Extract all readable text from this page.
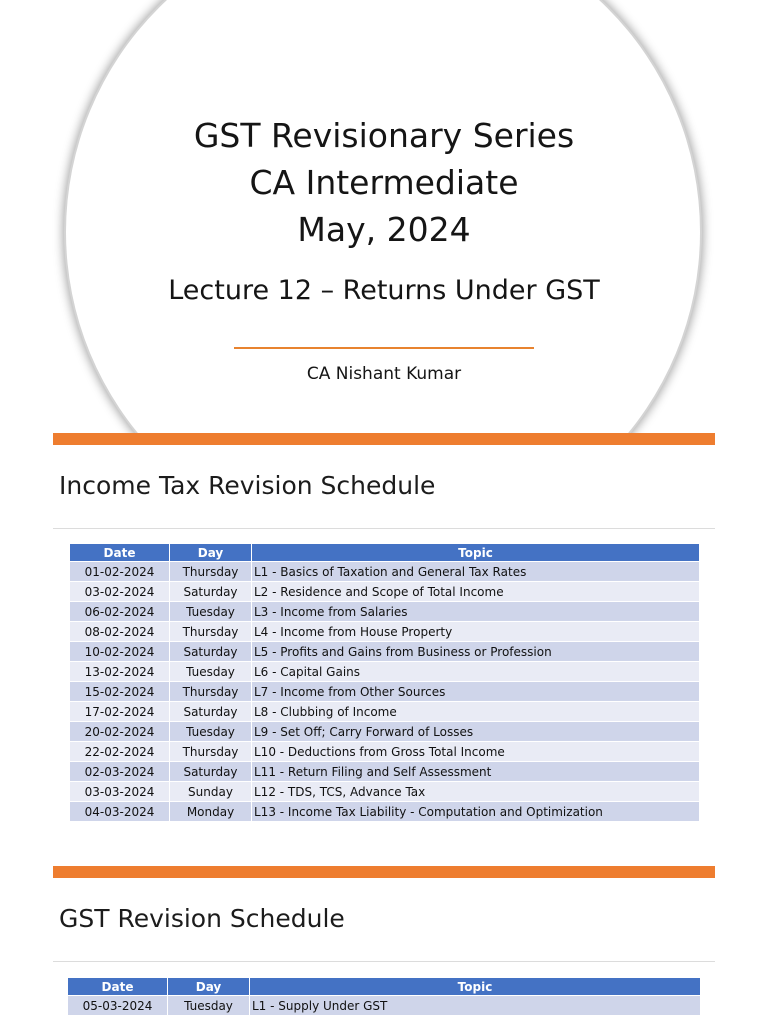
GST Revisionary Series
CA Intermediate
May, 2024
Lecture 12 – Returns Under GST
CA Nishant Kumar
Income Tax Revision Schedule
Date	Day	Topic
01-02-2024	Thursday	L1 - Basics of Taxation and General Tax Rates
03-02-2024	Saturday	L2 - Residence and Scope of Total Income
06-02-2024	Tuesday	L3 - Income from Salaries
08-02-2024	Thursday	L4 - Income from House Property
10-02-2024	Saturday	L5 - Profits and Gains from Business or Profession
13-02-2024	Tuesday	L6 - Capital Gains
15-02-2024	Thursday	L7 - Income from Other Sources
17-02-2024	Saturday	L8 - Clubbing of Income
20-02-2024	Tuesday	L9 - Set Off; Carry Forward of Losses
22-02-2024	Thursday	L10 - Deductions from Gross Total Income
02-03-2024	Saturday	L11 - Return Filing and Self Assessment
03-03-2024	Sunday	L12 - TDS, TCS, Advance Tax
04-03-2024	Monday	L13 - Income Tax Liability - Computation and Optimization
GST Revision Schedule
Date	Day	Topic
05-03-2024	Tuesday	L1 - Supply Under GST
